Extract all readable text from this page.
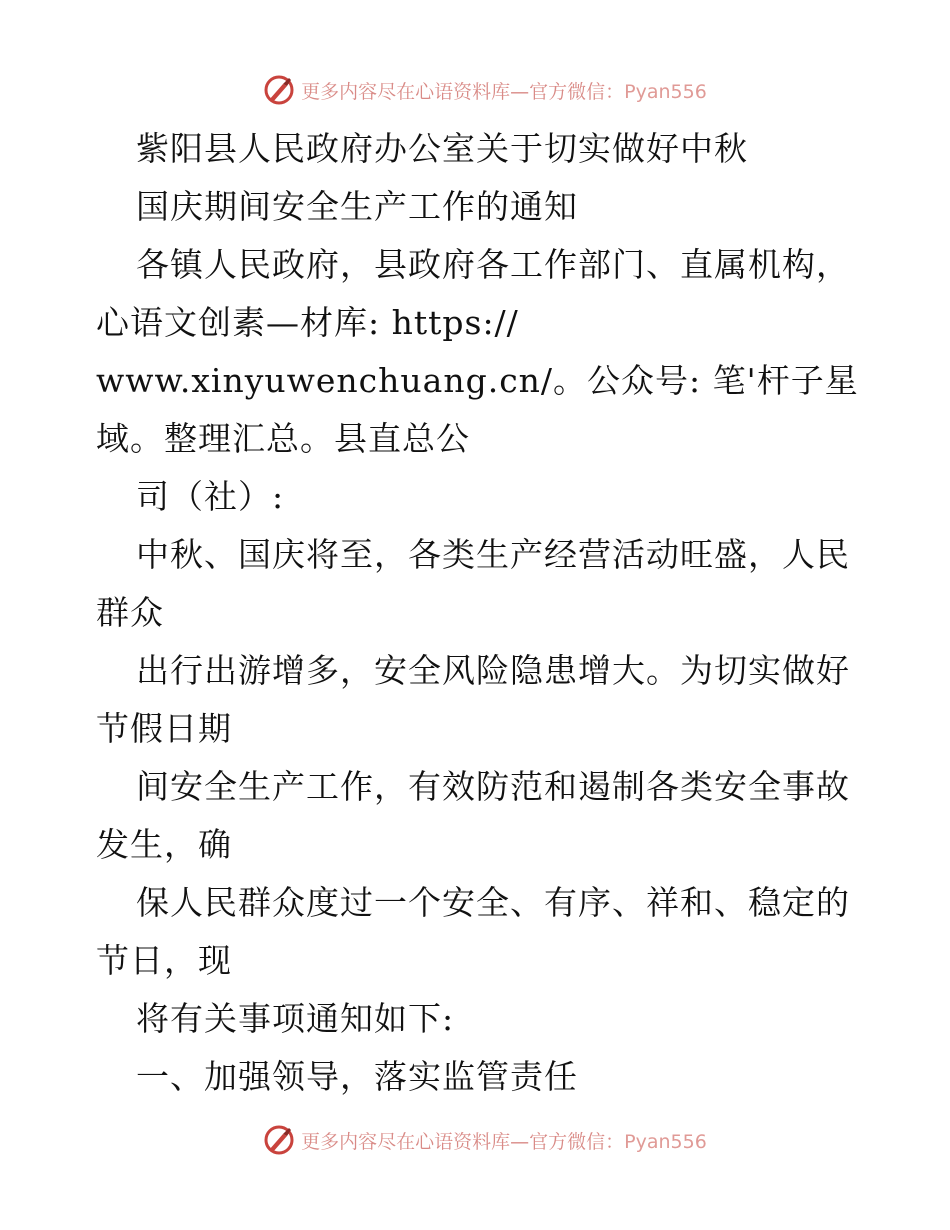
更多内容尽在心语资料库—官方微信：Pyan556
紫阳县人民政府办公室关于切实做好中秋
国庆期间安全生产工作的通知
各镇人民政府，县政府各工作部门、直属机构，
心语文创素—材库: https://
www.xinyuwenchuang.cn/。公众号: 笔'杆子星
域。整理汇总。县直总公
司（社）:
中秋、国庆将至，各类生产经营活动旺盛，人民
群众
出行出游增多，安全风险隐患增大。为切实做好
节假日期
间安全生产工作，有效防范和遏制各类安全事故
发生，确
保人民群众度过一个安全、有序、祥和、稳定的
节日，现
将有关事项通知如下:
一、加强领导，落实监管责任
更多内容尽在心语资料库—官方微信：Pyan556
